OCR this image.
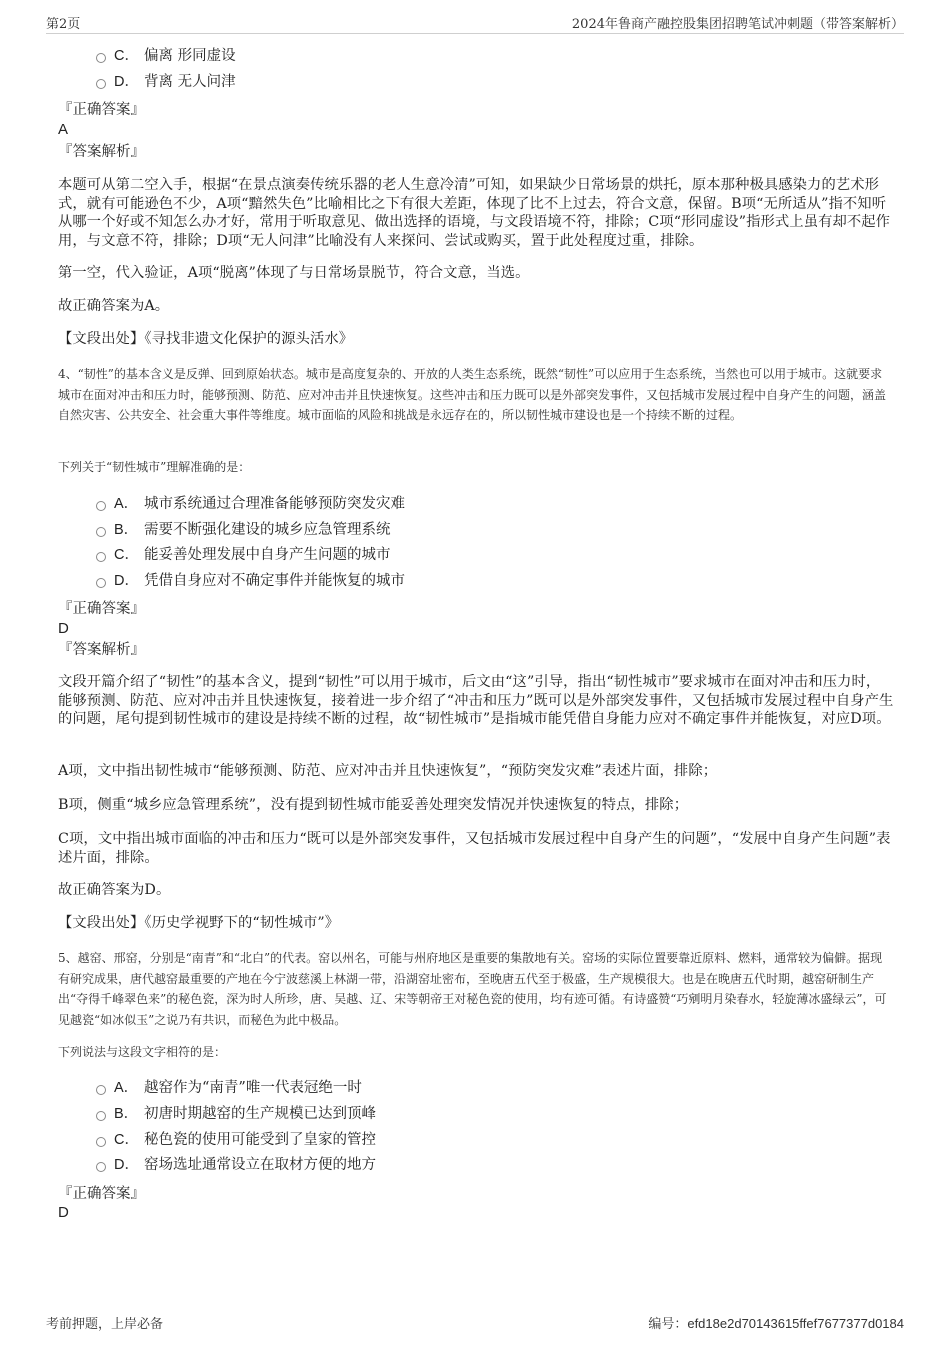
第2页	2024年鲁商产融控股集团招聘笔试冲刺题（带答案解析）
C． 偏离 形同虚设
D． 背离 无人问津
『正确答案』
A
『答案解析』
本题可从第二空入手，根据“在景点演奏传统乐器的老人生意冷清”可知，如果缺少日常场景的烘托，原本那种极具感染力的艺术形式，就有可能逊色不少，A项“黯然失色”比喻相比之下有很大差距，体现了比不上过去，符合文意，保留。B项“无所适从”指不知听从哪一个好或不知怎么办才好，常用于听取意见、做出选择的语境，与文段语境不符，排除；C项“形同虚设”指形式上虽有却不起作用，与文意不符，排除；D项“无人问津”比喻没有人来探问、尝试或购买，置于此处程度过重，排除。
第一空，代入验证，A项“脱离”体现了与日常场景脱节，符合文意，当选。
故正确答案为A。
【文段出处】《寻找非遗文化保护的源头活水》
4、“韧性”的基本含义是反弹、回到原始状态。城市是高度复杂的、开放的人类生态系统，既然“韧性”可以应用于生态系统，当然也可以用于城市。这就要求城市在面对冲击和压力时，能够预测、防范、应对冲击并且快速恢复。这些冲击和压力既可以是外部突发事件，又包括城市发展过程中自身产生的问题，涵盖自然灾害、公共安全、社会重大事件等维度。城市面临的风险和挑战是永远存在的，所以韧性城市建设也是一个持续不断的过程。
下列关于“韧性城市”理解准确的是：
A． 城市系统通过合理准备能够预防突发灾难
B． 需要不断强化建设的城乡应急管理系统
C． 能妥善处理发展中自身产生问题的城市
D． 凭借自身应对不确定事件并能恢复的城市
『正确答案』
D
『答案解析』
文段开篇介绍了“韧性”的基本含义，提到“韧性”可以用于城市，后文由“这”引导，指出“韧性城市”要求城市在面对冲击和压力时，能够预测、防范、应对冲击并且快速恢复，接着进一步介绍了“冲击和压力”既可以是外部突发事件，又包括城市发展过程中自身产生的问题，尾句提到韧性城市的建设是持续不断的过程，故“韧性城市”是指城市能凭借自身能力应对不确定事件并能恢复，对应D项。
A项，文中指出韧性城市“能够预测、防范、应对冲击并且快速恢复”，“预防突发灾难”表述片面，排除；
B项，侧重“城乡应急管理系统”，没有提到韧性城市能妥善处理突发情况并快速恢复的特点，排除；
C项，文中指出城市面临的冲击和压力“既可以是外部突发事件，又包括城市发展过程中自身产生的问题”，“发展中自身产生问题”表述片面，排除。
故正确答案为D。
【文段出处】《历史学视野下的“韧性城市”》
5、越窑、邢窑，分别是“南青”和“北白”的代表。窑以州名，可能与州府地区是重要的集散地有关。窑场的实际位置要靠近原料、燃料，通常较为偏僻。据现有研究成果，唐代越窑最重要的产地在今宁波慈溪上林湖一带，沿湖窑址密布，至晚唐五代至于极盛，生产规模很大。也是在晚唐五代时期，越窑研制生产出“夺得千峰翠色来”的秘色瓷，深为时人所珍，唐、吴越、辽、宋等朝帝王对秘色瓷的使用，均有迹可循。有诗盛赞“巧剜明月染春水，轻旋薄冰盛绿云”，可见越瓷“如冰似玉”之说乃有共识，而秘色为此中极品。
下列说法与这段文字相符的是：
A． 越窑作为“南青”唯一代表冠绝一时
B． 初唐时期越窑的生产规模已达到顶峰
C． 秘色瓷的使用可能受到了皇家的管控
D． 窑场选址通常设立在取材方便的地方
『正确答案』
D
考前押题，上岸必备	编号：efd18e2d70143615ffef7677377d0184
